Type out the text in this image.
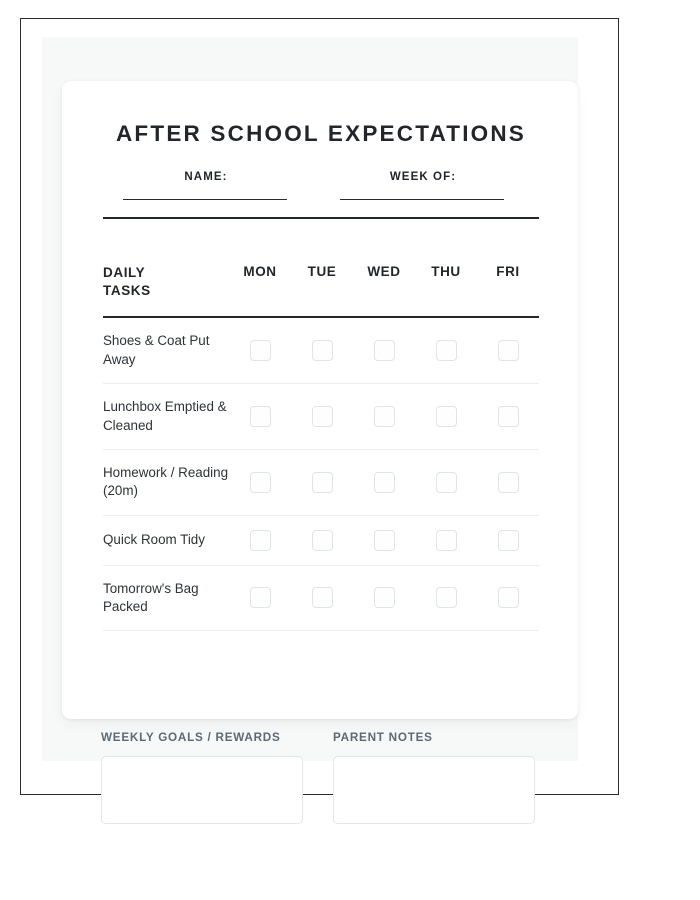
AFTER SCHOOL EXPECTATIONS
NAME:	WEEK OF:
DAILY
TASKS	MON	TUE	WED	THU	FRI
Shoes & Coat Put Away					
Lunchbox Emptied & Cleaned					
Homework / Reading (20m)					
Quick Room Tidy					
Tomorrow's Bag Packed					
WEEKLY GOALS / REWARDS	PARENT NOTES
